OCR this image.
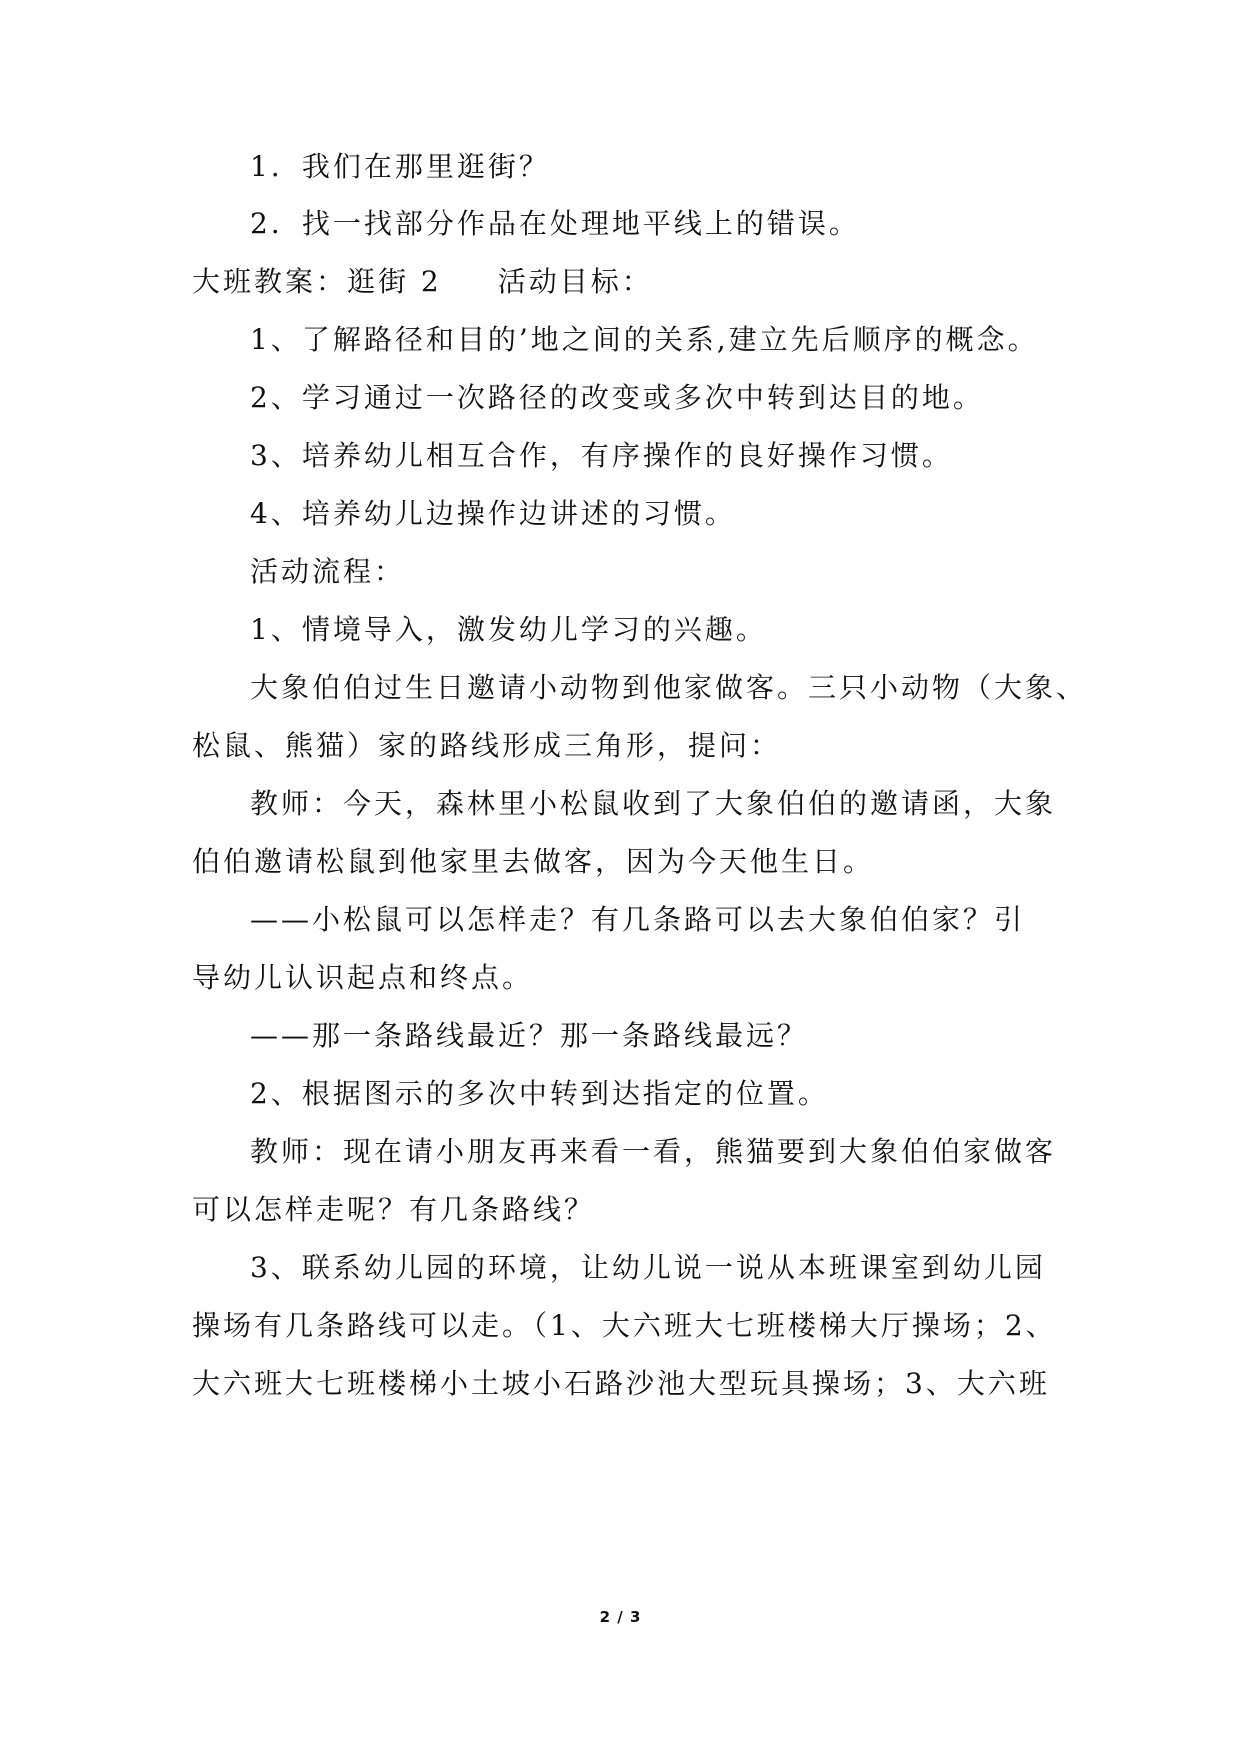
1．我们在那里逛街？
2．找一找部分作品在处理地平线上的错误。
大班教案：逛街 2 活动目标：
1、了解路径和目的’地之间的关系,建立先后顺序的概念。
2、学习通过一次路径的改变或多次中转到达目的地。
3、培养幼儿相互合作，有序操作的良好操作习惯。
4、培养幼儿边操作边讲述的习惯。
活动流程：
1、情境导入，激发幼儿学习的兴趣。
大象伯伯过生日邀请小动物到他家做客。三只小动物（大象、
松鼠、熊猫）家的路线形成三角形，提问：
教师：今天，森林里小松鼠收到了大象伯伯的邀请函，大象
伯伯邀请松鼠到他家里去做客，因为今天他生日。
——小松鼠可以怎样走？有几条路可以去大象伯伯家？引
导幼儿认识起点和终点。
——那一条路线最近？那一条路线最远？
2、根据图示的多次中转到达指定的位置。
教师：现在请小朋友再来看一看，熊猫要到大象伯伯家做客
可以怎样走呢？有几条路线？
3、联系幼儿园的环境，让幼儿说一说从本班课室到幼儿园
操场有几条路线可以走。（1、大六班大七班楼梯大厅操场；2、
大六班大七班楼梯小土坡小石路沙池大型玩具操场；3、大六班
2 / 3
